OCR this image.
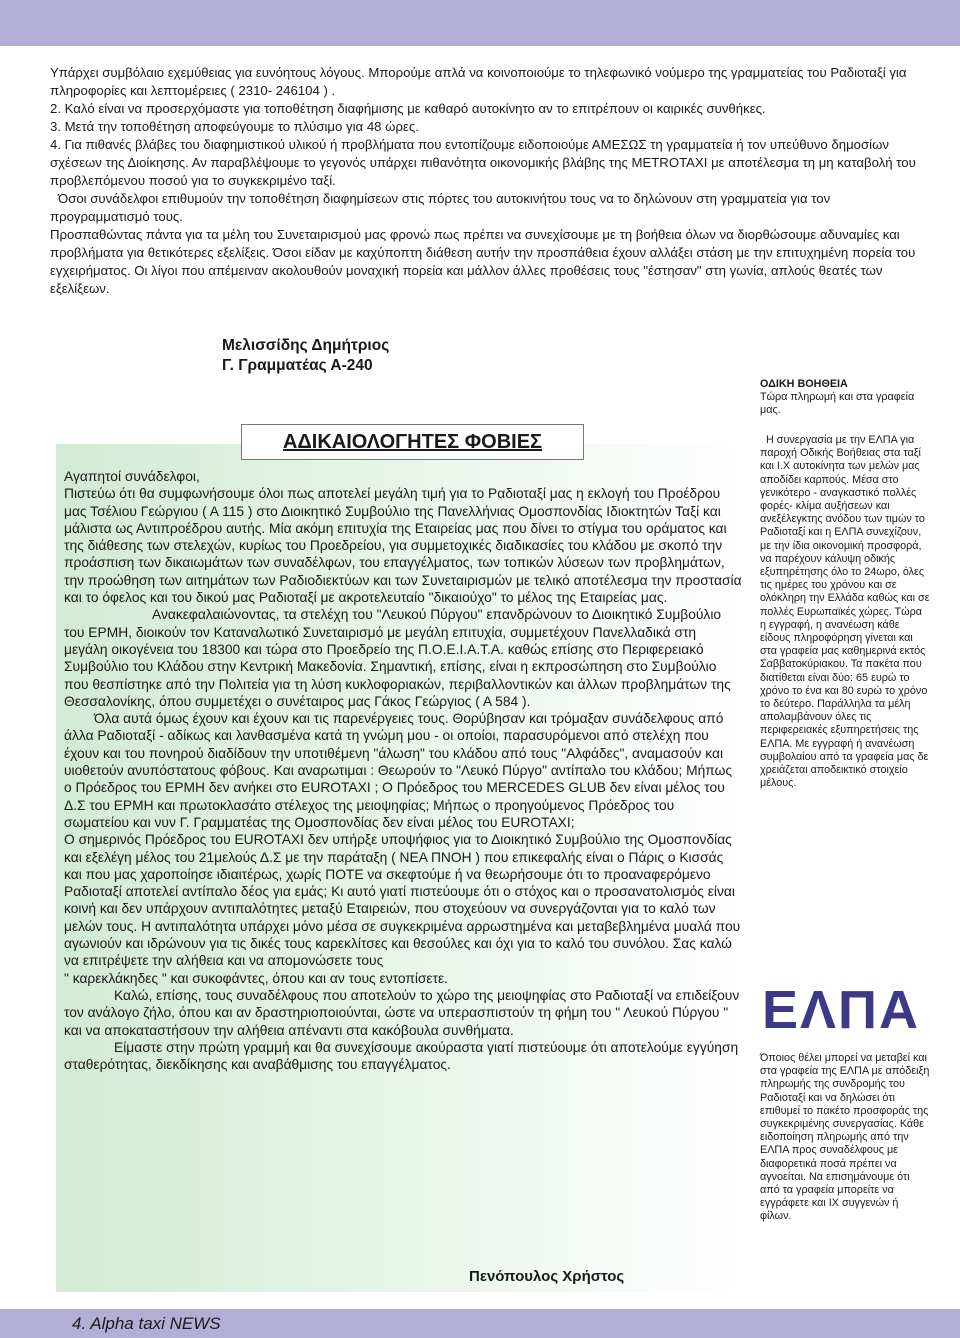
Υπάρχει συμβόλαιο εχεμύθειας για ευνόητους λόγους. Μπορούμε απλά να κοινοποιούμε το τηλεφωνικό νούμερο της γραμματείας του Ραδιοταξί για πληροφορίες και λεπτομέρειες ( 2310- 246104 ) .

2. Καλό είναι να προσερχόμαστε για τοποθέτηση διαφήμισης με καθαρό αυτοκίνητο αν το επιτρέπουν οι καιρικές συνθήκες.

3. Μετά την τοποθέτηση αποφεύγουμε το πλύσιμο για 48 ώρες.

4. Για πιθανές βλάβες του διαφημιστικού υλικού ή προβλήματα που εντοπίζουμε ειδοποιούμε ΑΜΕΣΩΣ τη γραμματεία ή τον υπεύθυνο δημοσίων σχέσεων της Διοίκησης. Αν παραβλέψουμε το γεγονός υπάρχει πιθανότητα οικονομικής βλάβης της METROTAXI με αποτέλεσμα τη μη καταβολή του προβλεπόμενου ποσού για το συγκεκριμένο ταξί.

Όσοι συνάδελφοι επιθυμούν την τοποθέτηση διαφημίσεων στις πόρτες του αυτοκινήτου τους να το δηλώνουν στη γραμματεία για τον προγραμματισμό τους.

Προσπαθώντας πάντα για τα μέλη του Συνεταιρισμού μας φρονώ πως πρέπει να συνεχίσουμε με τη βοήθεια όλων να διορθώσουμε αδυναμίες και προβλήματα για θετικότερες εξελίξεις. Όσοι είδαν με καχύποπτη διάθεση αυτήν την προσπάθεια έχουν αλλάξει στάση με την επιτυχημένη πορεία του εγχειρήματος. Οι λίγοι που απέμειναν ακολουθούν μοναχική πορεία και μάλλον άλλες προθέσεις τους "έστησαν" στη γωνία, απλούς θεατές των εξελίξεων.

Μελισσίδης Δημήτριος
Γ. Γραμματέας Α-240
ΑΔΙΚΑΙΟΛΟΓΗΤΕΣ ΦΟΒΙΕΣ

Αγαπητοί συνάδελφοι,

Πιστεύω ότι θα συμφωνήσουμε όλοι πως αποτελεί μεγάλη τιμή για το Ραδιοταξί μας η εκλογή του Προέδρου μας Τσέλιου Γεώργιου ( Α 115 ) στο Διοικητικό Συμβούλιο της Πανελλήνιας Ομοσπονδίας Ιδιοκτητών Ταξί και μάλιστα ως Αντιπροέδρου αυτής. Μία ακόμη επιτυχία της Εταιρείας μας που δίνει το στίγμα του οράματος και της διάθεσης των στελεχών, κυρίως του Προεδρείου, για συμμετοχικές διαδικασίες του κλάδου με σκοπό την προάσπιση των δικαιωμάτων των συναδέλφων, του επαγγέλματος, των τοπικών λύσεων των προβλημάτων, την προώθηση των αιτημάτων των Ραδιοδιεκτύων και των Συνεταιρισμών με τελικό αποτέλεσμα την προστασία και το όφελος και του δικού μας Ραδιοταξί με ακροτελευταίο "δικαιούχο" το μέλος της Εταιρείας μας.

Ανακεφαλαιώνοντας, τα στελέχη του "Λευκού Πύργου" επανδρώνουν το Διοικητικό Συμβούλιο του ΕΡΜΗ, διοικούν τον Καταναλωτικό Συνεταιρισμό με μεγάλη επιτυχία, συμμετέχουν Πανελλαδικά στη μεγάλη οικογένεια του 18300 και τώρα στο Προεδρείο της Π.Ο.Ε.Ι.Α.Τ.Α. καθώς επίσης στο Περιφερειακό Συμβούλιο του Κλάδου στην Κεντρική Μακεδονία. Σημαντική, επίσης, είναι η εκπροσώπηση στο Συμβούλιο που θεσπίστηκε από την Πολιτεία για τη λύση κυκλοφοριακών, περιβαλλοντικών και άλλων προβλημάτων της Θεσσαλονίκης, όπου συμμετέχει ο συνέταιρος μας Γάκος Γεώργιος ( Α 584 ).

Όλα αυτά όμως έχουν και έχουν και τις παρενέργειες τους. Θορύβησαν και τρόμαξαν συνάδελφους από άλλα Ραδιοταξί - αδίκως και λανθασμένα κατά τη γνώμη μου - οι οποίοι, παρασυρόμενοι από στελέχη που έχουν και του πονηρού διαδίδουν την υποτιθέμενη "άλωση" του κλάδου από τους "Αλφάδες", αναμασούν και υιοθετούν ανυπόστατους φόβους. Και αναρωτιμαι : Θεωρούν το "Λευκό Πύργο" αντίπαλο του κλάδου; Μήπως ο Πρόεδρος του ΕΡΜΗ δεν ανήκει στο EUROTAXI ; Ο Πρόεδρος του MERCEDES GLUB δεν είναι μέλος του Δ.Σ του ΕΡΜΗ και πρωτοκλασάτο στέλεχος της μειοψηφίας; Μήπως ο προηγούμενος Πρόεδρος του σωματείου και νυν Γ. Γραμματέας της Ομοσπονδίας δεν είναι μέλος του EUROTAXI;

Ο σημερινός Πρόεδρος του EUROTAXI δεν υπήρξε υποψήφιος για το Διοικητικό Συμβούλιο της Ομοσπονδίας και εξελέγη μέλος του 21μελούς Δ.Σ με την παράταξη ( ΝΕΑ ΠΝΟΗ ) που επικεφαλής είναι ο Πάρις ο Κισσάς και που μας χαροποίησε ιδιαιτέρως, χωρίς ΠΟΤΕ να σκεφτούμε ή να θεωρήσουμε ότι το προαναφερόμενο Ραδιοταξί αποτελεί αντίπαλο δέος για εμάς; Κι αυτό γιατί πιστεύουμε ότι ο στόχος και ο προσανατολισμός είναι κοινή και δεν υπάρχουν αντιπαλότητες μεταξύ Εταιρειών, που στοχεύουν να συνεργάζονται για το καλό των μελών τους. Η αντιπαλότητα υπάρχει μόνο μέσα σε συγκεκριμένα αρρωστημένα και μεταβεβλημένα μυαλά που αγωνιούν και ιδρώνουν για τις δικές τους καρεκλίτσες και θεσούλες και όχι για το καλό του συνόλου. Σας καλώ να επιτρέψετε την αλήθεια και να απομονώσετε τους

" καρεκλάκηδες " και συκοφάντες, όπου και αν τους εντοπίσετε.

Καλώ, επίσης, τους συναδέλφους που αποτελούν το χώρο της μειοψηφίας στο Ραδιοταξί να επιδείξουν τον ανάλογο ζήλο, όπου και αν δραστηριοποιούνται, ώστε να υπερασπιστούν τη φήμη του " Λευκού Πύργου " και να αποκαταστήσουν την αλήθεια απέναντι στα κακόβουλα συνθήματα.

Είμαστε στην πρώτη γραμμή και θα συνεχίσουμε ακούραστα γιατί πιστεύουμε ότι αποτελούμε εγγύηση σταθερότητας, διεκδίκησης και αναβάθμισης του επαγγέλματος.

Πενόπουλος Χρήστος

ΟΔΙΚΗ ΒΟΗΘΕΙΑ

Τώρα πληρωμή και στα γραφεία μας.

Η συνεργασία με την ΕΛΠΑ για παροχή Οδικής Βοήθειας στα ταξί και Ι.Χ αυτοκίνητα των μελών μας αποδίδει καρπούς. Μέσα στο γενικότερο - αναγκαστικό πολλές φορές- κλίμα αυξήσεων και ανεξέλεγκτης ανόδου των τιμών το Ραδιοταξί και η ΕΛΠΑ συνεχίζουν, με την ίδια οικονομική προσφορά, να παρέχουν κάλυψη οδικής εξυπηρέτησης όλο το 24ωρο, όλες τις ημέρες του χρόνου και σε ολόκληρη την Ελλάδα καθώς και σε πολλές Ευρωπαϊκές χώρες. Τώρα η εγγραφή, η ανανέωση κάθε είδους πληροφόρηση γίνεται και στα γραφεία μας καθημερινά εκτός Σαββατοκύριακου. Τα πακέτα που διατίθεται είναι δύο: 65 ευρώ το χρόνο το ένα και 80 ευρώ το χρόνο το δεύτερο. Παράλληλα τα μέλη απολαμβάνουν όλες τις περιφερειακές εξυπηρετήσεις της ΕΛΠΑ. Με εγγραφή ή ανανέωση συμβολαίου από τα γραφεία μας δε χρειάζεται αποδεικτικό στοιχείο μέλους.

ΕΛΠΑ

Όποιος θέλει μπορεί να μεταβεί και στα γραφεία της ΕΛΠΑ με απόδειξη πληρωμής της συνδρομής του Ραδιοταξί και να δηλώσει ότι επιθυμεί το πακέτο προσφοράς της συγκεκριμένης συνεργασίας. Κάθε ειδοποίηση πληρωμής από την ΕΛΠΑ προς συναδέλφους με διαφορετικά ποσά πρέπει να αγνοείται. Να επισημάνουμε ότι από τα γραφεία μπορείτε να εγγράφετε και ΙΧ συγγενών ή φίλων.

4. Alpha taxi NEWS
